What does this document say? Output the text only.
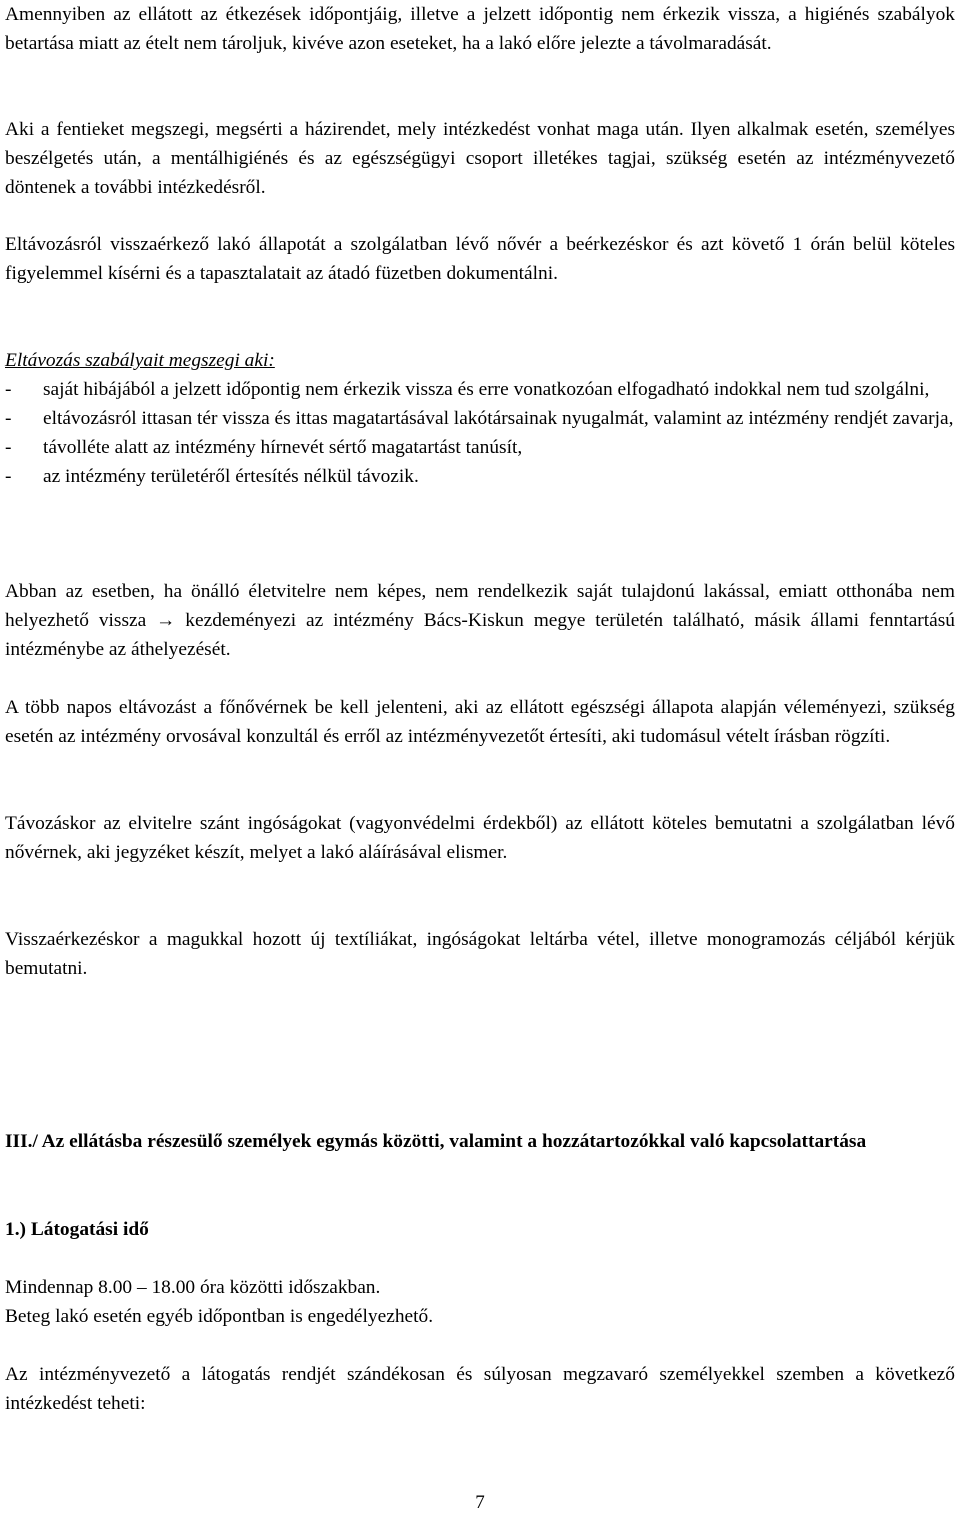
Amennyiben az ellátott az étkezések időpontjáig, illetve a jelzett időpontig nem érkezik vissza, a higiénés szabályok betartása miatt az ételt nem tároljuk, kivéve azon eseteket, ha a lakó előre jelezte a távolmaradását.

Aki a fentieket megszegi, megsérti a házirendet, mely intézkedést vonhat maga után. Ilyen alkalmak esetén, személyes beszélgetés után, a mentálhigiénés és az egészségügyi csoport illetékes tagjai, szükség esetén az intézményvezető döntenek a további intézkedésről.

Eltávozásról visszaérkező lakó állapotát a szolgálatban lévő nővér a beérkezéskor és azt követő 1 órán belül köteles figyelemmel kísérni és a tapasztalatait az átadó füzetben dokumentálni.

Eltávozás szabályait megszegi aki:

-	saját hibájából a jelzett időpontig nem érkezik vissza és erre vonatkozóan elfogadható indokkal nem tud szolgálni,
-	eltávozásról ittasan tér vissza és ittas magatartásával lakótársainak nyugalmát, valamint az intézmény rendjét zavarja,
-	távolléte alatt az intézmény hírnevét sértő magatartást tanúsít,
-	az intézmény területéről értesítés nélkül távozik.

Abban az esetben, ha önálló életvitelre nem képes, nem rendelkezik saját tulajdonú lakással, emiatt otthonába nem helyezhető vissza → kezdeményezi az intézmény Bács-Kiskun megye területén található, másik állami fenntartású intézménybe az áthelyezését.

A több napos eltávozást a főnővérnek be kell jelenteni, aki az ellátott egészségi állapota alapján véleményezi, szükség esetén az intézmény orvosával konzultál és erről az intézményvezetőt értesíti, aki tudomásul vételt írásban rögzíti.

Távozáskor az elvitelre szánt ingóságokat (vagyonvédelmi érdekből) az ellátott köteles bemutatni a szolgálatban lévő nővérnek, aki jegyzéket készít, melyet a lakó aláírásával elismer.

Visszaérkezéskor a magukkal hozott új textíliákat, ingóságokat leltárba vétel, illetve monogramozás céljából kérjük bemutatni.

III./ Az ellátásba részesülő személyek egymás közötti, valamint a hozzátartozókkal való kapcsolattartása

1.) Látogatási idő

Mindennap 8.00 – 18.00 óra közötti időszakban.

Beteg lakó esetén egyéb időpontban is engedélyezhető.

Az intézményvezető a látogatás rendjét szándékosan és súlyosan megzavaró személyekkel szemben a következő intézkedést teheti:

7
